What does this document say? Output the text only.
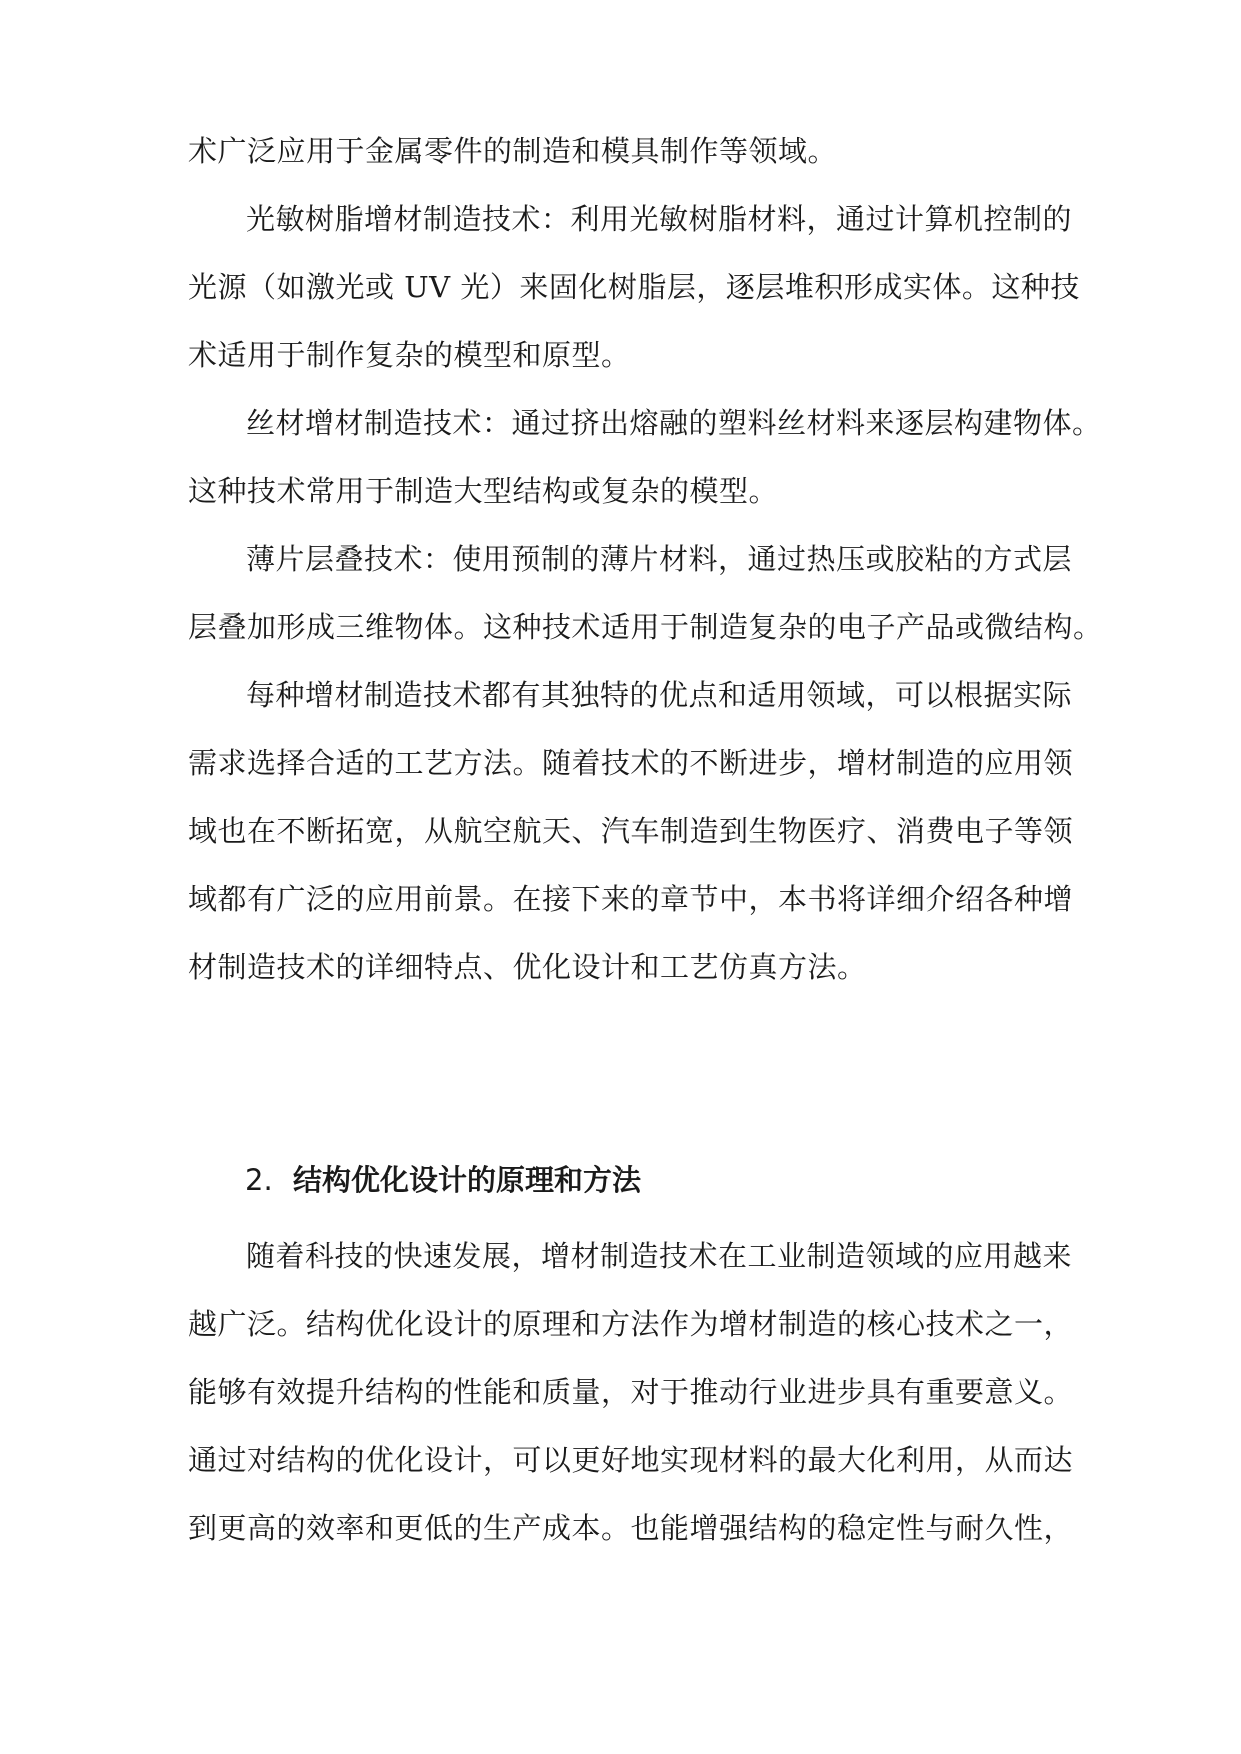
术广泛应用于金属零件的制造和模具制作等领域。
光敏树脂增材制造技术：利用光敏树脂材料，通过计算机控制的
光源（如激光或 UV 光）来固化树脂层，逐层堆积形成实体。这种技
术适用于制作复杂的模型和原型。
丝材增材制造技术：通过挤出熔融的塑料丝材料来逐层构建物体。
这种技术常用于制造大型结构或复杂的模型。
薄片层叠技术：使用预制的薄片材料，通过热压或胶粘的方式层
层叠加形成三维物体。这种技术适用于制造复杂的电子产品或微结构。
每种增材制造技术都有其独特的优点和适用领域，可以根据实际
需求选择合适的工艺方法。随着技术的不断进步，增材制造的应用领
域也在不断拓宽，从航空航天、汽车制造到生物医疗、消费电子等领
域都有广泛的应用前景。在接下来的章节中，本书将详细介绍各种增
材制造技术的详细特点、优化设计和工艺仿真方法。
2. 结构优化设计的原理和方法
随着科技的快速发展，增材制造技术在工业制造领域的应用越来
越广泛。结构优化设计的原理和方法作为增材制造的核心技术之一，
能够有效提升结构的性能和质量，对于推动行业进步具有重要意义。
通过对结构的优化设计，可以更好地实现材料的最大化利用，从而达
到更高的效率和更低的生产成本。也能增强结构的稳定性与耐久性，
